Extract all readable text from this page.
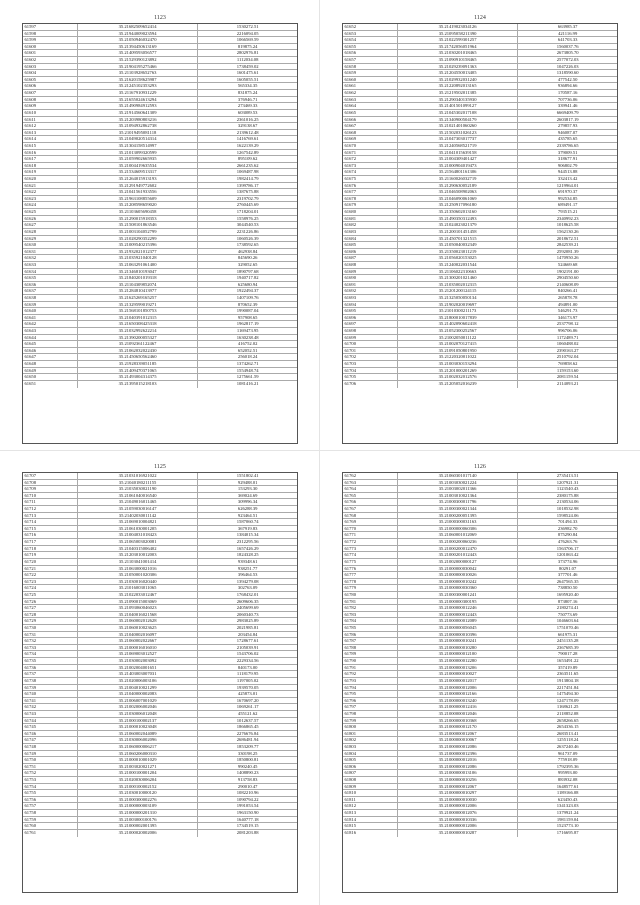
1123
61597	35.21682509652414	1530272.51
61598	35.21944009023594	2216094.05
61599	35.21050946032470	1066569.59
61600	35.21394450613169	819875.24
61601	35.21409593056577	2802976.81
61602	35.21529390123892	1112034.08
61603	35.21904195275466	1738459.02
61604	35.21103928652763	1601475.61
61605	35.21620158625987	1605055.51
61606	35.21245102353293	565334.35
61607	35.21167910931229	831875.24
61608	35.21655024613294	376946.71
61609	35.21490984912593	273469.33
61610	35.21914560641309	603089.53
61611	35.21203980803216	2361016.25
61612	35.21094932862738	329138.67
61613	35.21019495081118	2139612.48
61614	35.21049020514314	1416769.61
61615	35.21304158514997	1622139.29
61616	35.21013099320599	1267542.89
61617	35.21059902665935	895109.62
61618	35.21004419635534	2661235.62
61619	35.21534609513317	1069487.98
61620	35.21264015913193	1982414.79
61621	35.21291949772602	1399786.17
61622	35.21041561933556	1387675.88
61623	35.21963108855609	2319702.79
61624	35.21208598659020	2760445.69
61625	35.21103605690458	1718204.01
61626	35.21290015918353	1558976.25
61627	35.21508101863546	3044540.53
61628	35.21003104052799	2231226.86
61629	35.21028290352299	1060526.39
61630	35.21009540215396	1738592.65
61631	35.21932021012377	462938.84
61632	35.21035921040128	845690.26
61633	35.21063291061400	329052.65
61634	35.21346810193047	1890797.68
61635	35.21840201019318	1940717.82
61636	35.21104309852074	625680.94
61637	35.21284810413977	1922494.37
61638	35.21625269165257	1407109.76
61639	35.21329599019271	870652.39
61640	35.21568101850753	1990087.04
61641	35.21040391012315	957908.65
61642	35.21650308425318	1962817.19
61643	35.21032992622214	1169473.95
61644	35.21390200055327	1630238.48
61645	35.21092361122467	416752.02
61646	35.21062032022430	652052.51
61647	35.21450650562460	256018.24
61648	35.21928339051185	1374262.71
61649	35.21409470371065	1554948.74
61650	35.21493004314375	1275661.59
61651	35.21395015218103	1081416.21
1124
61652	35.21419023034126	663985.37
61653	35.21095058211390	421116.99
61654	35.21022599301257	641703.33
61655	35.21742056051964	1560037.76
61656	35.21030201018465	2673805.70
61657	35.21090910158465	2577072.03
61658	35.21029239091363	1047226.03
61659	35.21204550013405	1318590.60
61660	35.21029932031240	477542.50
61661	35.21220892013165	936894.66
61662	35.21219502011385	170587.16
61663	35.21290340135930	707736.06
61664	35.21401501099127	339941.46
61665	35.21045302017108	6669409.79
61666	35.21340900504179	2603817.19
61667	35.21021401060260	279857.93
61668	35.21502031026123	946087.07
61669	35.21047303017737	435785.65
61670	35.21240568521719	2339786.65
61671	35.21041015639158	379009.51
61672	35.21004309401427	318677.91
61673	35.21000904019473	906802.79
61674	35.21564801161306	944513.88
61675	35.21160026032719	332413.42
61676	35.21290630052189	1219964.01
61677	35.21046508902063	691970.37
61678	35.21046090061069	992534.85
61679	35.21250917096180	689491.17
61680	35.21350602013160	793515.21
61681	35.21490350312493	2340992.23
61682	35.21024023021379	1018625.58
61683	35.21200101451458	1562130.26
61684	35.21450701321515	2018672.51
61685	35.21050040032349	2842539.21
61686	35.21350023011219	2592081.39
61687	35.21056020153025	1470950.26
61688	35.21240022031544	524669.68
61689	35.21106022310663	1902191.00
61690	35.21300201021460	2904550.60
61691	35.21035002012315	2140608.09
61692	35.21201200124115	840266.41
61693	35.21325050050134	265878.78
61694	35.21902020019697	494891.00
61695	35.21010300211173	546291.73
61696	35.21800010017839	346173.97
61697	35.21402090602418	2537798.12
61698	35.21052300252567	996706.06
61699	35.21002050011122	1172489.71
61700	35.21002070127415	1060488.02
61701	35.21091050801950	2390163.27
61702	35.21220320011022	2510792.04
61703	35.21003030153294	769858.62
61704	35.21201000201269	1159153.60
61705	35.21002032012576	2081159.54
61706	35.21205052016239	2114093.21
1125
61707	35.21031016921022	1551802.41
61708	35.21040180211155	929488.01
61709	35.21035030021190	153293.30
61710	35.21061040016540	369024.69
61711	35.21049016011465	309996.34
61712	35.21059030016147	626288.39
61713	35.21402030011142	923464.51
61714	35.21069010004821	1587060.74
61715	35.21061030001205	367919.83
61716	35.21004031018423	1384015.34
61717	35.21065003020081	2312295.56
61718	35.21040315006402	1657426.29
61719	35.21203010012003	1824328.25
61720	35.21103041001414	939348.61
61721	35.21063000021016	938251.77
61722	35.21050001020306	396464.53
61723	35.21030016020440	1394279.08
61724	35.21016003011065	302763.09
61725	35.21022033012467	1768432.01
61726	35.21090015003069	2609606.35
61727	35.21093060046023	2405699.69
61728	35.21040016021568	2060340.73
61729	35.21060002012628	2983025.89
61730	35.21060010023625	2021985.81
61731	35.21040002016097	203454.84
61732	35.21060002022667	1728677.61
61733	35.21000016016010	2105039.91
61734	35.21069003012527	1543706.02
61735	35.21030002003092	2229334.56
61736	35.21002004001651	840173.00
61737	35.21403003007031	1118179.95
61738	35.21020006003106	1197005.02
61739	35.21004010021299	1939570.05
61740	35.21040000002083	425873.01
61741	35.21006007001029	1670697.20
61742	35.21002006002046	1069261.17
61743	35.21030006012048	455121.62
61744	35.21000100002137	1012637.57
61745	35.21000010023048	1866865.45
61746	35.21060002044089	2276676.84
61747	35.21030006002096	2686481.94
61748	35.21060000006217	1853209.77
61749	35.21060206000310	330198.25
61750	35.21000010001029	1850800.81
61751	35.21003020021271	990240.45
61752	35.21000100001204	1408890.23
61753	35.21020030006204	913758.83
61754	35.21000100002152	290010.47
61755	35.21030010000120	1082210.96
61756	35.21000300002276	1090794.22
61757	35.21000000003109	1991053.54
61758	35.21000000201310	1963150.90
61759	35.21003000100176	1640777.18
61760	35.21000002001395	1734519.15
61761	35.21000020002006	2081203.88
1126
61762	35.21060301017140	2735413.51
61763	35.21003030021224	1207921.31
61764	35.21003002011366	1123540.43
61765	35.21003010021364	2380175.88
61766	35.21000300011796	2130534.06
61767	35.21000300021344	1018532.98
61768	35.21000200051395	1598524.06
61769	35.21000300031163	701494.33
61770	35.21000000060306	236982.70
61771	35.21060001012069	875290.84
61772	35.21000200060236	476263.76
61773	35.21000200012470	1563706.17
61774	35.21000201012443	1201063.42
61775	35.21002000000127	373774.96
61776	35.21000000030042	80291.07
61777	35.21000000010026	377701.46
61778	35.21000000010242	2647565.35
61779	35.21000000030360	738850.50
61780	35.21000300001241	1695920.40
61781	35.21000000300195	873807.16
61782	35.21000000012246	2180274.41
61783	35.21000000012443	750773.69
61784	35.21000000012089	1046603.64
61785	35.21000000056045	1751070.46
61786	35.21000000010396	661975.31
61787	35.21000000010241	2451135.28
61788	35.21000000010280	2367685.39
61789	35.21000000012100	790017.28
61790	35.21000000012280	1653491.22
61791	35.21000000013206	357419.89
61792	35.21000000010027	2363511.65
61793	35.21000000012017	1913804.18
61794	35.21000000012006	2217451.84
61795	35.21000000012166	1475494.30
61796	35.21000000013240	1247178.09
61797	35.21000000012416	1168621.25
61798	35.21000000012046	2118852.08
61799	35.21000000010368	2658266.65
61800	35.21000000012170	2654336.15
61801	35.21000000012067	2683513.41
61802	35.21000000010067	1255118.24
61803	35.21000000012086	2637240.46
61804	35.21000000012396	961737.09
61805	35.21000000012016	775918.09
61806	35.21000000012086	1792395.36
61807	35.21000000013106	995993.00
61808	35.21000000010256	883932.08
61809	35.21000000012067	1648577.61
61810	35.21000000010297	1189166.08
61811	35.21000000010030	623450.43
61812	35.21000000012006	1341323.03
61813	35.21000000012076	1379921.24
61814	35.21000000010336	1981159.04
61815	35.21000000012006	1523773.10
61816	35.21000000010287	1716695.87
